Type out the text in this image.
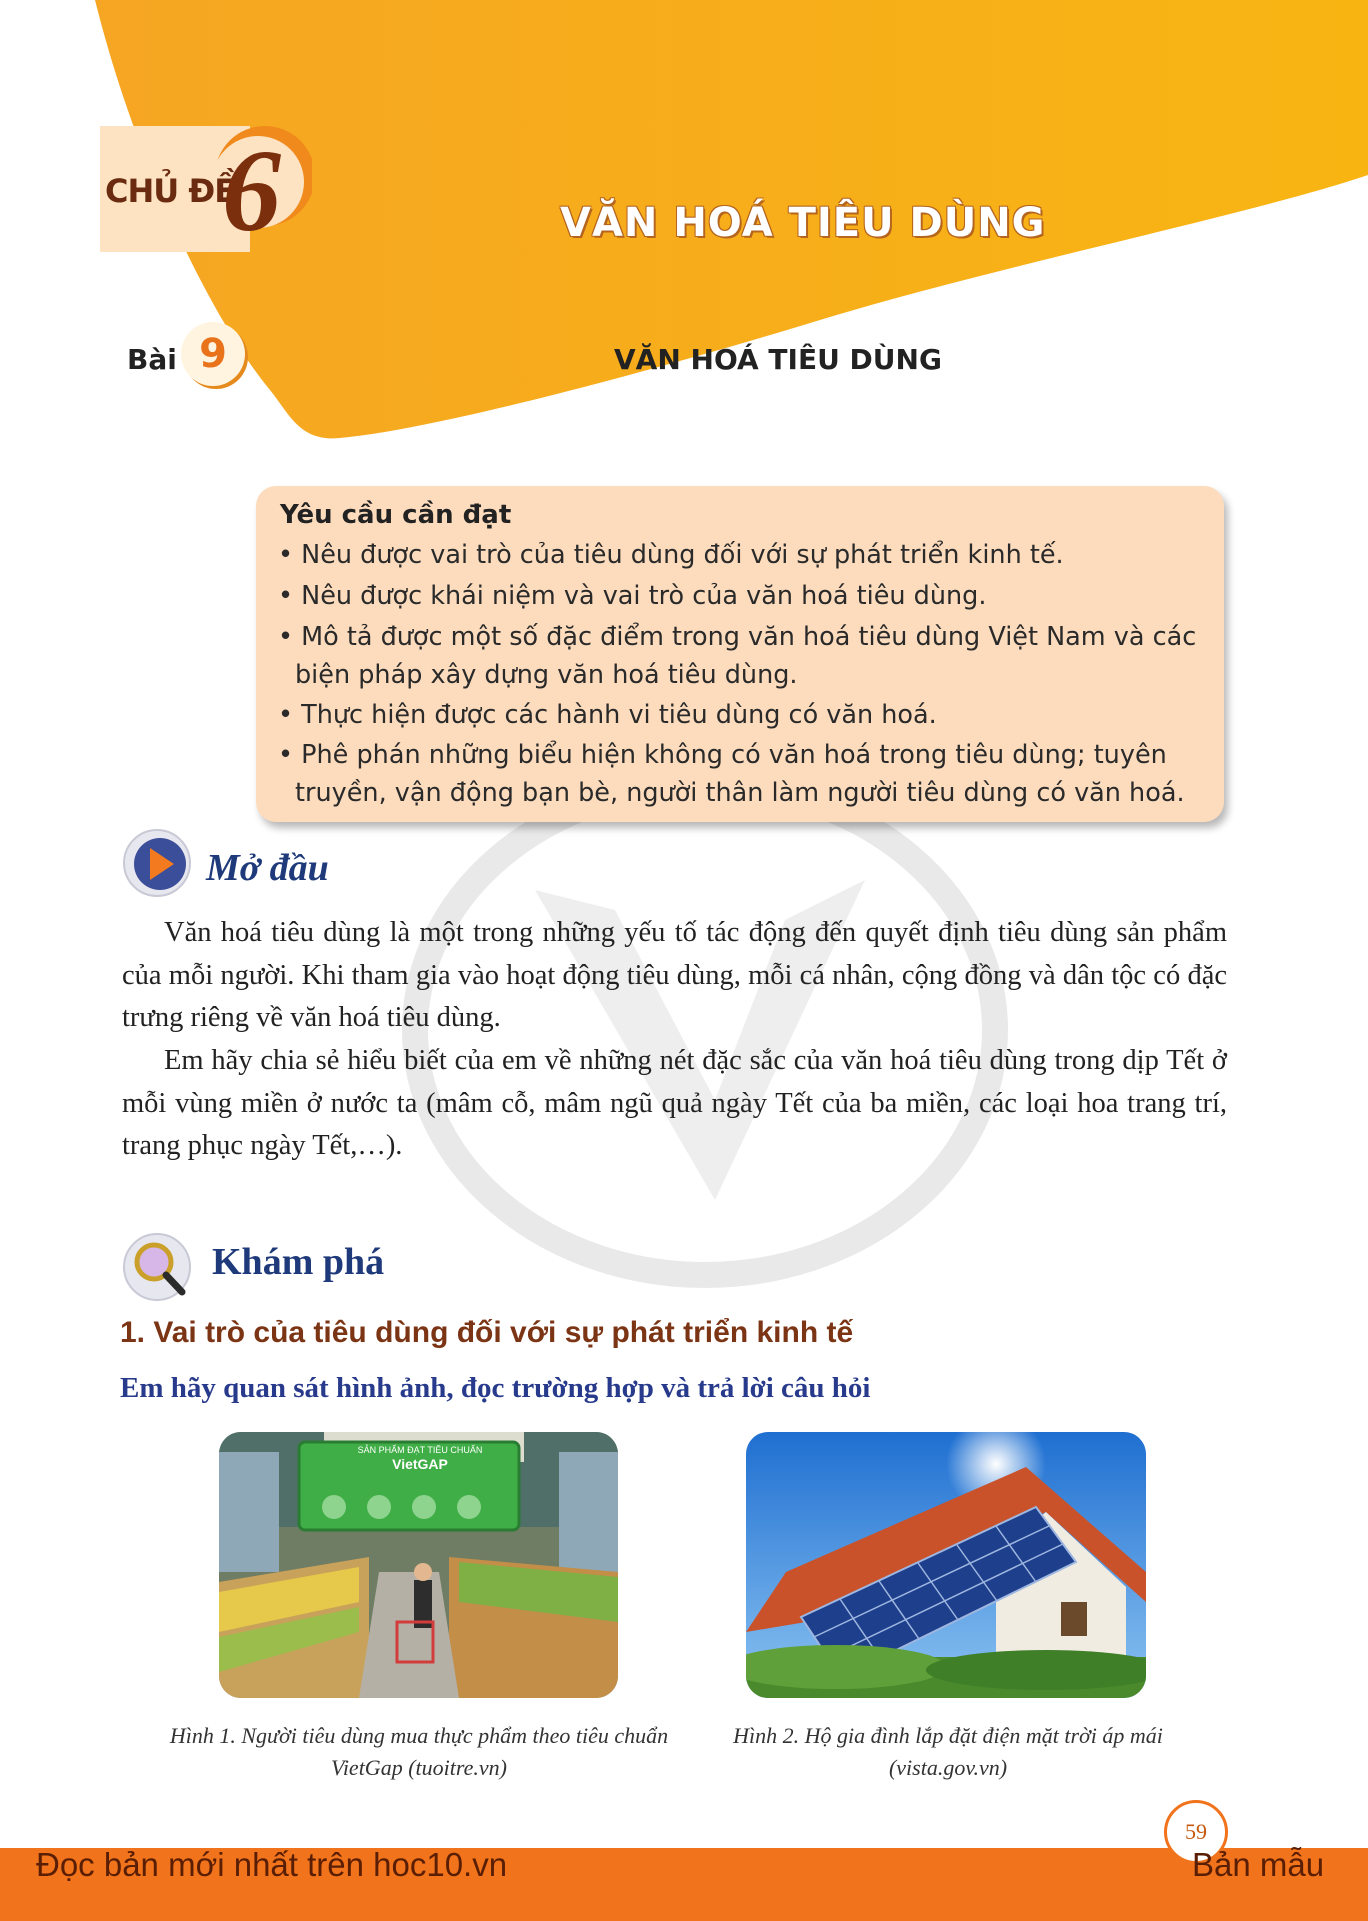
CHỦ ĐỀ
6	VĂN HOÁ TIÊU DÙNG
Bài 9	VĂN HOÁ TIÊU DÙNG
Yêu cầu cần đạt
• Nêu được vai trò của tiêu dùng đối với sự phát triển kinh tế.
• Nêu được khái niệm và vai trò của văn hoá tiêu dùng.
• Mô tả được một số đặc điểm trong văn hoá tiêu dùng Việt Nam và các biện pháp xây dựng văn hoá tiêu dùng.
• Thực hiện được các hành vi tiêu dùng có văn hoá.
• Phê phán những biểu hiện không có văn hoá trong tiêu dùng; tuyên truyền, vận động bạn bè, người thân làm người tiêu dùng có văn hoá.
Mở đầu
Văn hoá tiêu dùng là một trong những yếu tố tác động đến quyết định tiêu dùng sản phẩm của mỗi người. Khi tham gia vào hoạt động tiêu dùng, mỗi cá nhân, cộng đồng và dân tộc có đặc trưng riêng về văn hoá tiêu dùng.
Em hãy chia sẻ hiểu biết của em về những nét đặc sắc của văn hoá tiêu dùng trong dịp Tết ở mỗi vùng miền ở nước ta (mâm cỗ, mâm ngũ quả ngày Tết của ba miền, các loại hoa trang trí, trang phục ngày Tết,…).
Khám phá
1. Vai trò của tiêu dùng đối với sự phát triển kinh tế
Em hãy quan sát hình ảnh, đọc trường hợp và trả lời câu hỏi
SẢN PHẨM ĐẠT TIÊU CHUẨN
VietGAP
Hình 1. Người tiêu dùng mua thực phẩm theo tiêu chuẩn VietGap (tuoitre.vn)
Hình 2. Hộ gia đình lắp đặt điện mặt trời áp mái (vista.gov.vn)
59
Đọc bản mới nhất trên hoc10.vn	Bản mẫu
